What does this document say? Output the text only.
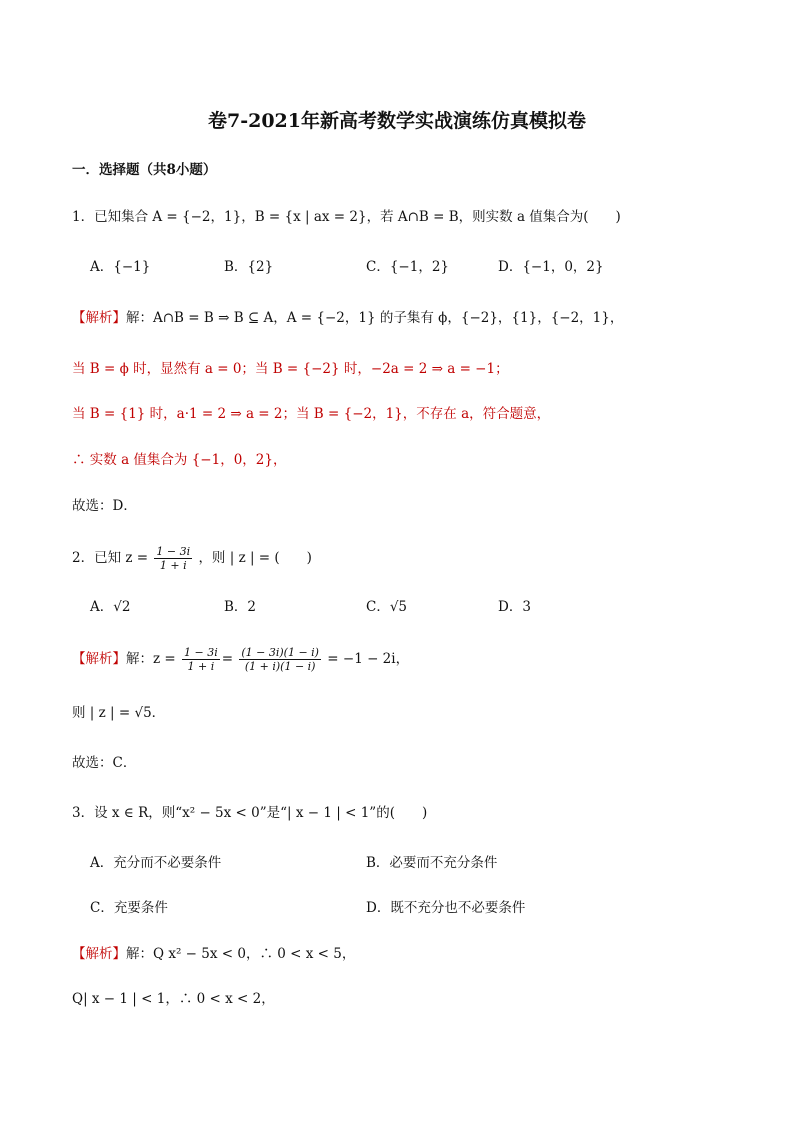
卷7-2021年新高考数学实战演练仿真模拟卷
一．选择题（共8小题）
1．已知集合 A = {−2，1}，B = {x | ax = 2}，若 A∩B = B，则实数 a 值集合为(　　)
A．{−1}	B．{2}	C．{−1，2}	D．{−1，0，2}
【解析】解：A∩B = B ⇒ B ⊆ A，A = {−2，1} 的子集有 ϕ，{−2}，{1}，{−2，1}，
当 B = ϕ 时，显然有 a = 0；当 B = {−2} 时，−2a = 2 ⇒ a = −1；
当 B = {1} 时，a·1 = 2 ⇒ a = 2；当 B = {−2，1}，不存在 a，符合题意，
∴ 实数 a 值集合为 {−1，0，2}，
故选：D．
2．已知 $z = \frac{1 - 3i}{1 + i}$ ，则 | z | = (　　)
A．√2	B．2	C．√5	D．3
【解析】解：$z = \frac{1 - 3i}{1 + i} = \frac{(1 - 3i)(1 - i)}{(1 + i)(1 - i)} = -1 - 2i$，
则 | z | = √5．
故选：C．
3．设 x ∈ R，则“x² − 5x < 0”是“| x − 1 | < 1”的(　　)
A．充分而不必要条件	B．必要而不充分条件
C．充要条件	D．既不充分也不必要条件
【解析】解：Q x² − 5x < 0，∴ 0 < x < 5，
Q| x − 1 | < 1，∴ 0 < x < 2，
